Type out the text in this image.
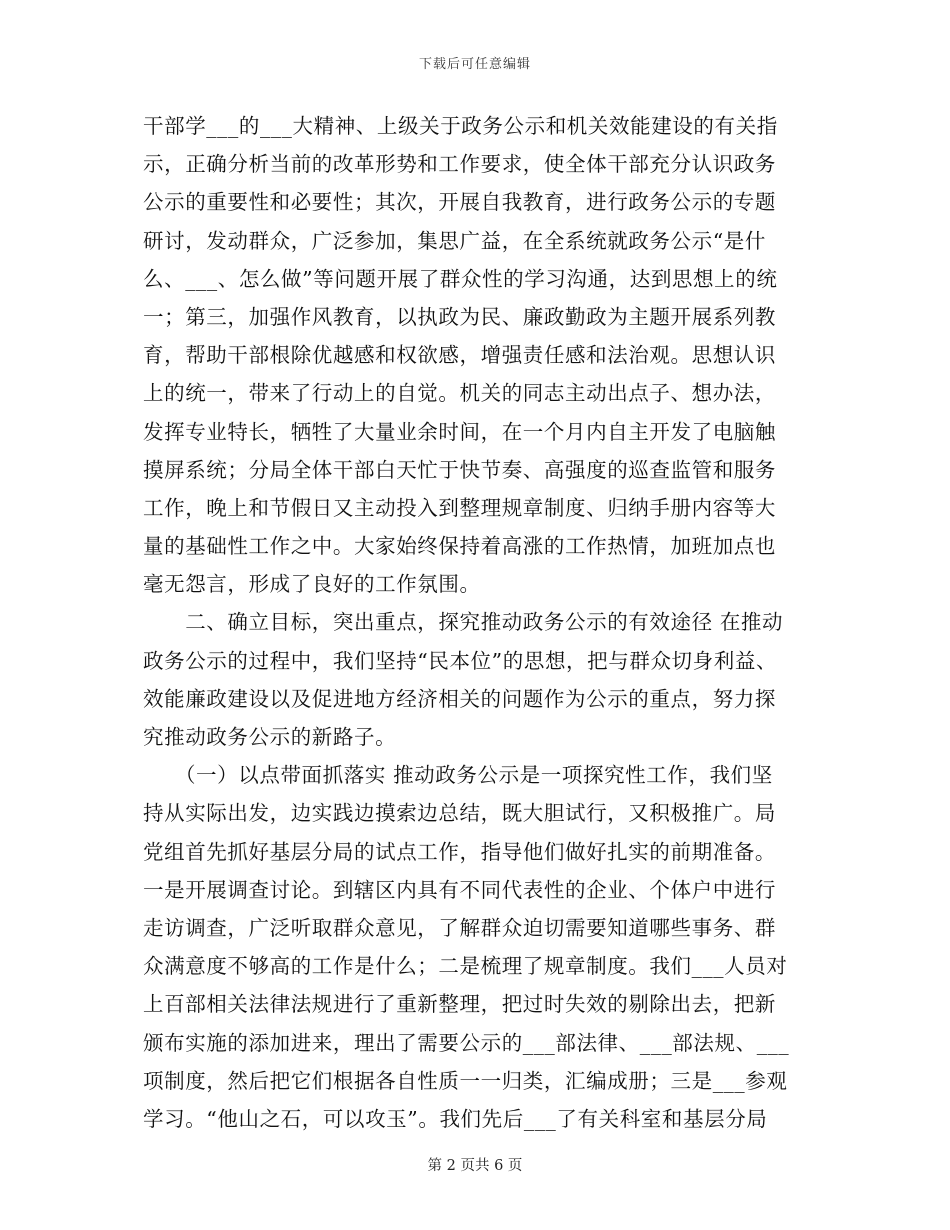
下载后可任意编辑
干部学___的___大精神、上级关于政务公示和机关效能建设的有关指
示，正确分析当前的改革形势和工作要求，使全体干部充分认识政务
公示的重要性和必要性；其次，开展自我教育，进行政务公示的专题
研讨，发动群众，广泛参加，集思广益，在全系统就政务公示“是什
么、___、怎么做”等问题开展了群众性的学习沟通，达到思想上的统
一；第三，加强作风教育，以执政为民、廉政勤政为主题开展系列教
育，帮助干部根除优越感和权欲感，增强责任感和法治观。思想认识
上的统一，带来了行动上的自觉。机关的同志主动出点子、想办法，
发挥专业特长，牺牲了大量业余时间，在一个月内自主开发了电脑触
摸屏系统；分局全体干部白天忙于快节奏、高强度的巡查监管和服务
工作，晚上和节假日又主动投入到整理规章制度、归纳手册内容等大
量的基础性工作之中。大家始终保持着高涨的工作热情，加班加点也
毫无怨言，形成了良好的工作氛围。
　　二、确立目标，突出重点，探究推动政务公示的有效途径 在推动
政务公示的过程中，我们坚持“民本位”的思想，把与群众切身利益、
效能廉政建设以及促进地方经济相关的问题作为公示的重点，努力探
究推动政务公示的新路子。
　　（一）以点带面抓落实 推动政务公示是一项探究性工作，我们坚
持从实际出发，边实践边摸索边总结，既大胆试行，又积极推广。局
党组首先抓好基层分局的试点工作，指导他们做好扎实的前期准备。
一是开展调查讨论。到辖区内具有不同代表性的企业、个体户中进行
走访调查，广泛听取群众意见，了解群众迫切需要知道哪些事务、群
众满意度不够高的工作是什么；二是梳理了规章制度。我们___人员对
上百部相关法律法规进行了重新整理，把过时失效的剔除出去，把新
颁布实施的添加进来，理出了需要公示的___部法律、___部法规、___
项制度，然后把它们根据各自性质一一归类，汇编成册；三是___参观
学习。“他山之石，可以攻玉”。我们先后___了有关科室和基层分局
第 2 页共 6 页
